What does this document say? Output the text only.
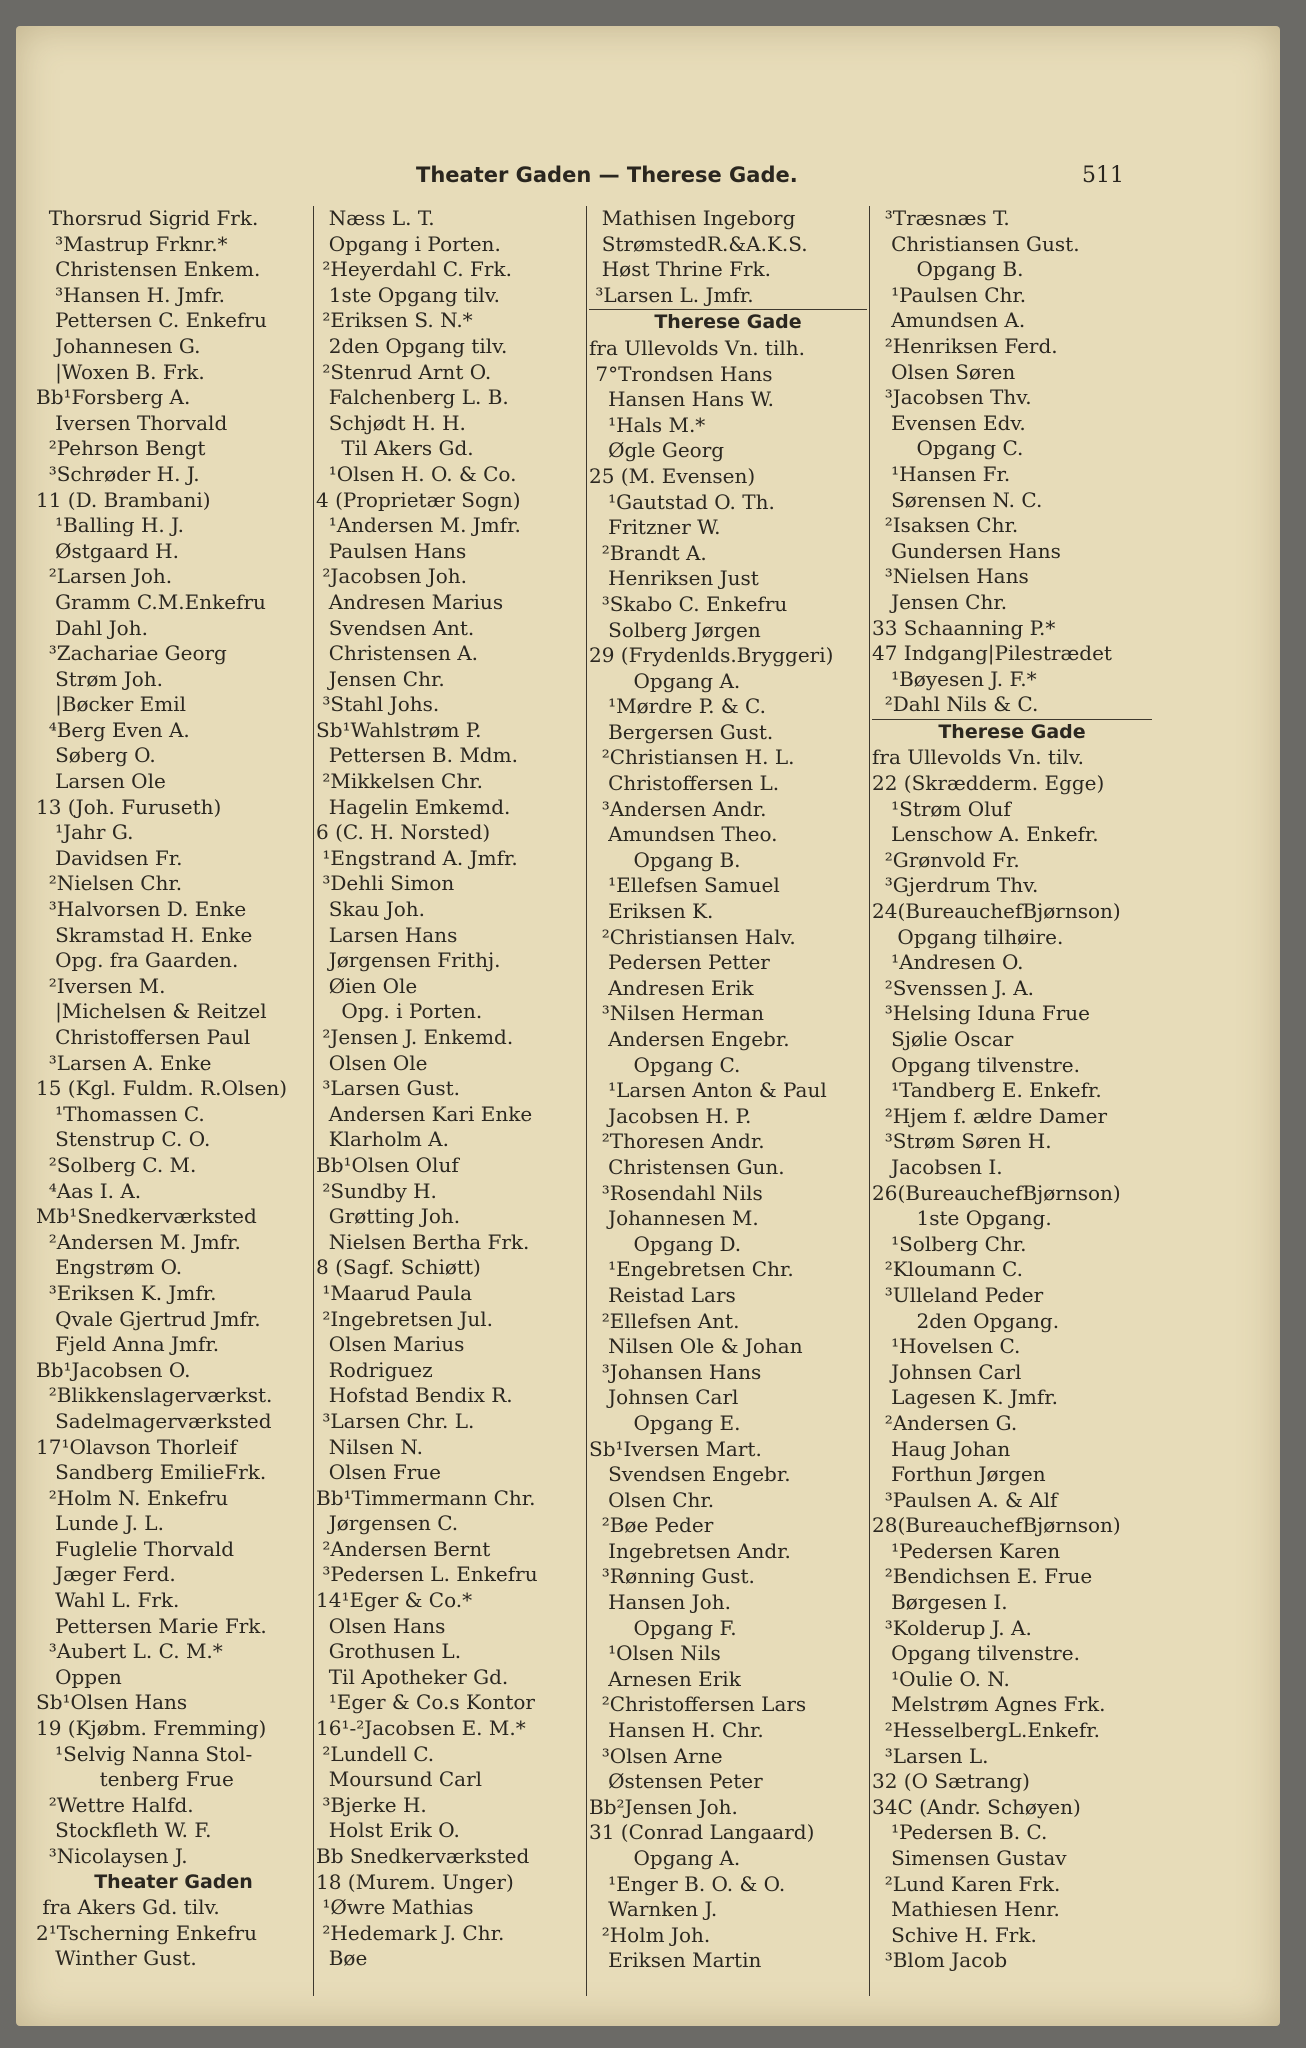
Theater Gaden — Therese Gade.	511
Thorsrud Sigrid Frk.
³Mastrup Frknr.*
Christensen Enkem.
³Hansen H. Jmfr.
Pettersen C. Enkefru
Johannesen G.
|Woxen B. Frk.
Bb¹Forsberg A.
Iversen Thorvald
²Pehrson Bengt
³Schrøder H. J.
11 (D. Brambani)
¹Balling H. J.
Østgaard H.
²Larsen Joh.
Gramm C.M.Enkefru
Dahl Joh.
³Zachariae Georg
Strøm Joh.
|Bøcker Emil
⁴Berg Even A.
Søberg O.
Larsen Ole
13 (Joh. Furuseth)
¹Jahr G.
Davidsen Fr.
²Nielsen Chr.
³Halvorsen D. Enke
Skramstad H. Enke
Opg. fra Gaarden.
²Iversen M.
|Michelsen & Reitzel
Christoffersen Paul
³Larsen A. Enke
15 (Kgl. Fuldm. R.Olsen)
¹Thomassen C.
Stenstrup C. O.
²Solberg C. M.
⁴Aas I. A.
Mb¹Snedkerværksted
²Andersen M. Jmfr.
Engstrøm O.
³Eriksen K. Jmfr.
Qvale Gjertrud Jmfr.
Fjeld Anna Jmfr.
Bb¹Jacobsen O.
²Blikkenslagerværkst.
Sadelmagerværksted
17¹Olavson Thorleif
Sandberg EmilieFrk.
²Holm N. Enkefru
Lunde J. L.
Fuglelie Thorvald
Jæger Ferd.
Wahl L. Frk.
Pettersen Marie Frk.
³Aubert L. C. M.*
Oppen
Sb¹Olsen Hans
19 (Kjøbm. Fremming)
¹Selvig Nanna Stol-
tenberg Frue
²Wettre Halfd.
Stockfleth W. F.
³Nicolaysen J.
Theater Gaden
fra Akers Gd. tilv.
2¹Tscherning Enkefru
Winther Gust.
Næss L. T.
Opgang i Porten.
²Heyerdahl C. Frk.
1ste Opgang tilv.
²Eriksen S. N.*
2den Opgang tilv.
²Stenrud Arnt O.
Falchenberg L. B.
Schjødt H. H.
Til Akers Gd.
¹Olsen H. O. & Co.
4 (Proprietær Sogn)
¹Andersen M. Jmfr.
Paulsen Hans
²Jacobsen Joh.
Andresen Marius
Svendsen Ant.
Christensen A.
Jensen Chr.
³Stahl Johs.
Sb¹Wahlstrøm P.
Pettersen B. Mdm.
²Mikkelsen Chr.
Hagelin Emkemd.
6 (C. H. Norsted)
¹Engstrand A. Jmfr.
³Dehli Simon
Skau Joh.
Larsen Hans
Jørgensen Frithj.
Øien Ole
Opg. i Porten.
²Jensen J. Enkemd.
Olsen Ole
³Larsen Gust.
Andersen Kari Enke
Klarholm A.
Bb¹Olsen Oluf
²Sundby H.
Grøtting Joh.
Nielsen Bertha Frk.
8 (Sagf. Schiøtt)
¹Maarud Paula
²Ingebretsen Jul.
Olsen Marius
Rodriguez
Hofstad Bendix R.
³Larsen Chr. L.
Nilsen N.
Olsen Frue
Bb¹Timmermann Chr.
Jørgensen C.
²Andersen Bernt
³Pedersen L. Enkefru
14¹Eger & Co.*
Olsen Hans
Grothusen L.
Til Apotheker Gd.
¹Eger & Co.s Kontor
16¹-²Jacobsen E. M.*
²Lundell C.
Moursund Carl
³Bjerke H.
Holst Erik O.
Bb Snedkerværksted
18 (Murem. Unger)
¹Øwre Mathias
²Hedemark J. Chr.
Bøe
Mathisen Ingeborg
StrømstedR.&A.K.S.
Høst Thrine Frk.
³Larsen L. Jmfr.
Therese Gade
fra Ullevolds Vn. tilh.
7°Trondsen Hans
Hansen Hans W.
¹Hals M.*
Øgle Georg
25 (M. Evensen)
¹Gautstad O. Th.
Fritzner W.
²Brandt A.
Henriksen Just
³Skabo C. Enkefru
Solberg Jørgen
29 (Frydenlds.Bryggeri)
Opgang A.
¹Mørdre P. & C.
Bergersen Gust.
²Christiansen H. L.
Christoffersen L.
³Andersen Andr.
Amundsen Theo.
Opgang B.
¹Ellefsen Samuel
Eriksen K.
²Christiansen Halv.
Pedersen Petter
Andresen Erik
³Nilsen Herman
Andersen Engebr.
Opgang C.
¹Larsen Anton & Paul
Jacobsen H. P.
²Thoresen Andr.
Christensen Gun.
³Rosendahl Nils
Johannesen M.
Opgang D.
¹Engebretsen Chr.
Reistad Lars
²Ellefsen Ant.
Nilsen Ole & Johan
³Johansen Hans
Johnsen Carl
Opgang E.
Sb¹Iversen Mart.
Svendsen Engebr.
Olsen Chr.
²Bøe Peder
Ingebretsen Andr.
³Rønning Gust.
Hansen Joh.
Opgang F.
¹Olsen Nils
Arnesen Erik
²Christoffersen Lars
Hansen H. Chr.
³Olsen Arne
Østensen Peter
Bb²Jensen Joh.
31 (Conrad Langaard)
Opgang A.
¹Enger B. O. & O.
Warnken J.
²Holm Joh.
Eriksen Martin
³Træsnæs T.
Christiansen Gust.
Opgang B.
¹Paulsen Chr.
Amundsen A.
²Henriksen Ferd.
Olsen Søren
³Jacobsen Thv.
Evensen Edv.
Opgang C.
¹Hansen Fr.
Sørensen N. C.
²Isaksen Chr.
Gundersen Hans
³Nielsen Hans
Jensen Chr.
33 Schaanning P.*
47 Indgang|Pilestrædet
¹Bøyesen J. F.*
²Dahl Nils & C.
Therese Gade
fra Ullevolds Vn. tilv.
22 (Skrædderm. Egge)
¹Strøm Oluf
Lenschow A. Enkefr.
²Grønvold Fr.
³Gjerdrum Thv.
24(BureauchefBjørnson)
Opgang tilhøire.
¹Andresen O.
²Svenssen J. A.
³Helsing Iduna Frue
Sjølie Oscar
Opgang tilvenstre.
¹Tandberg E. Enkefr.
²Hjem f. ældre Damer
³Strøm Søren H.
Jacobsen I.
26(BureauchefBjørnson)
1ste Opgang.
¹Solberg Chr.
²Kloumann C.
³Ulleland Peder
2den Opgang.
¹Hovelsen C.
Johnsen Carl
Lagesen K. Jmfr.
²Andersen G.
Haug Johan
Forthun Jørgen
³Paulsen A. & Alf
28(BureauchefBjørnson)
¹Pedersen Karen
²Bendichsen E. Frue
Børgesen I.
³Kolderup J. A.
Opgang tilvenstre.
¹Oulie O. N.
Melstrøm Agnes Frk.
²HesselbergL.Enkefr.
³Larsen L.
32 (O Sætrang)
34C (Andr. Schøyen)
¹Pedersen B. C.
Simensen Gustav
²Lund Karen Frk.
Mathiesen Henr.
Schive H. Frk.
³Blom Jacob
